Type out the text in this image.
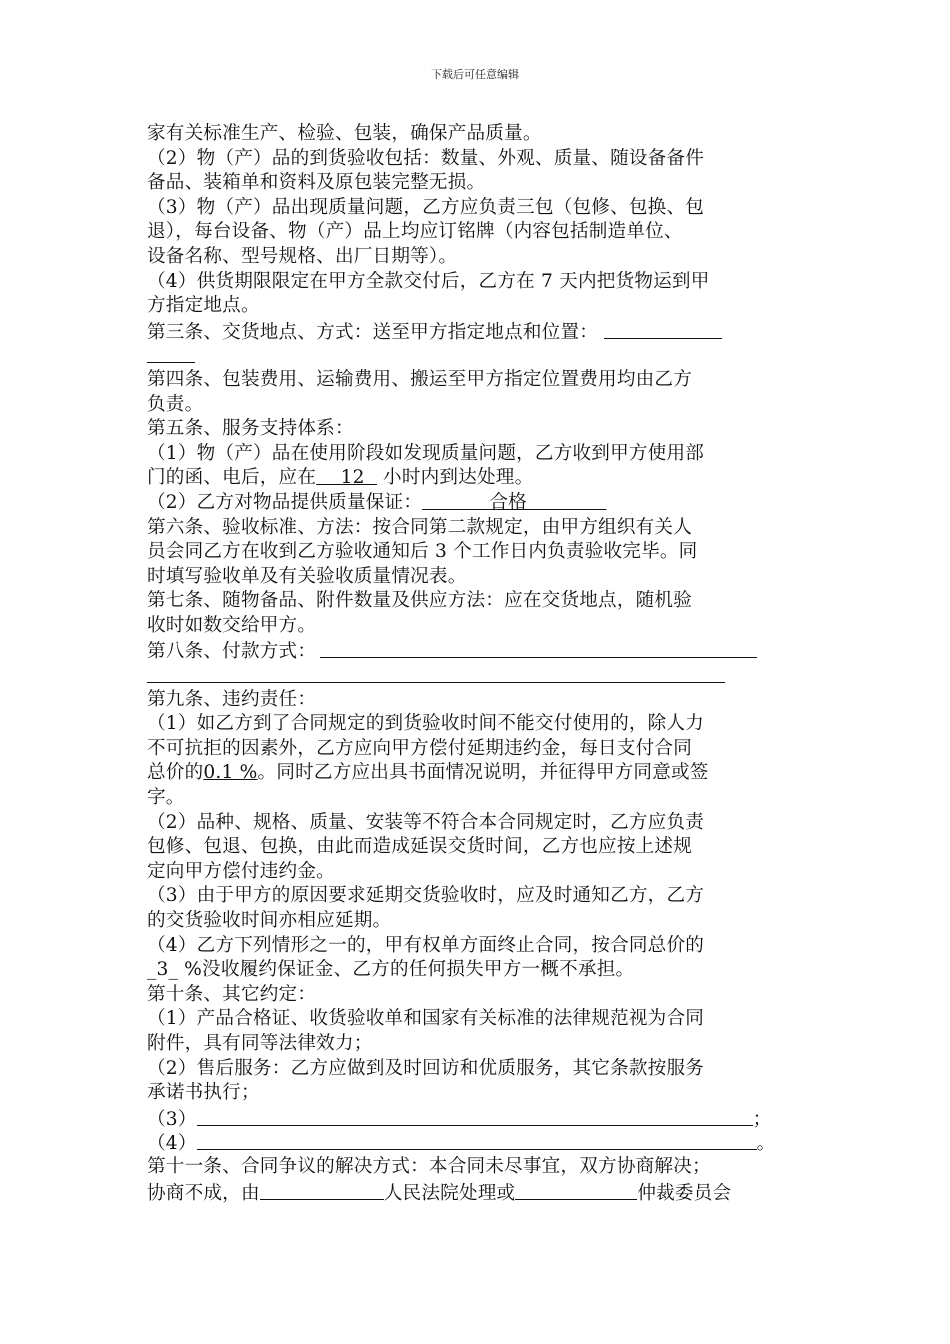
下载后可任意编辑
家有关标准生产、检验、包装，确保产品质量。
（2）物（产）品的到货验收包括：数量、外观、质量、随设备备件
备品、装箱单和资料及原包装完整无损。
（3）物（产）品出现质量问题，乙方应负责三包（包修、包换、包
退），每台设备、物（产）品上均应订铭牌（内容包括制造单位、
设备名称、型号规格、出厂日期等）。
（4）供货期限限定在甲方全款交付后，乙方在 7 天内把货物运到甲
方指定地点。
第三条、交货地点、方式：送至甲方指定地点和位置：
第四条、包装费用、运输费用、搬运至甲方指定位置费用均由乙方
负责。
第五条、服务支持体系：
（1）物（产）品在使用阶段如发现质量问题，乙方收到甲方使用部
门的函、电后，应在 12 小时内到达处理。
（2）乙方对物品提供质量保证：	合格
第六条、验收标准、方法：按合同第二款规定，由甲方组织有关人
员会同乙方在收到乙方验收通知后 3 个工作日内负责验收完毕。同
时填写验收单及有关验收质量情况表。
第七条、随物备品、附件数量及供应方法：应在交货地点，随机验
收时如数交给甲方。
第八条、付款方式：
第九条、违约责任：
（1）如乙方到了合同规定的到货验收时间不能交付使用的，除人力
不可抗拒的因素外，乙方应向甲方偿付延期违约金，每日支付合同
总价的0.1 %。同时乙方应出具书面情况说明，并征得甲方同意或签
字。
（2）品种、规格、质量、安装等不符合本合同规定时，乙方应负责
包修、包退、包换，由此而造成延误交货时间，乙方也应按上述规
定向甲方偿付违约金。
（3）由于甲方的原因要求延期交货验收时，应及时通知乙方，乙方
的交货验收时间亦相应延期。
（4）乙方下列情形之一的，甲有权单方面终止合同，按合同总价的
_3_ %没收履约保证金、乙方的任何损失甲方一概不承担。
第十条、其它约定：
（1）产品合格证、收货验收单和国家有关标准的法律规范视为合同
附件，具有同等法律效力；
（2）售后服务：乙方应做到及时回访和优质服务，其它条款按服务
承诺书执行；
（3）	；
（4）	。
第十一条、合同争议的解决方式：本合同未尽事宜，双方协商解决；
协商不成，由	人民法院处理或	仲裁委员会
